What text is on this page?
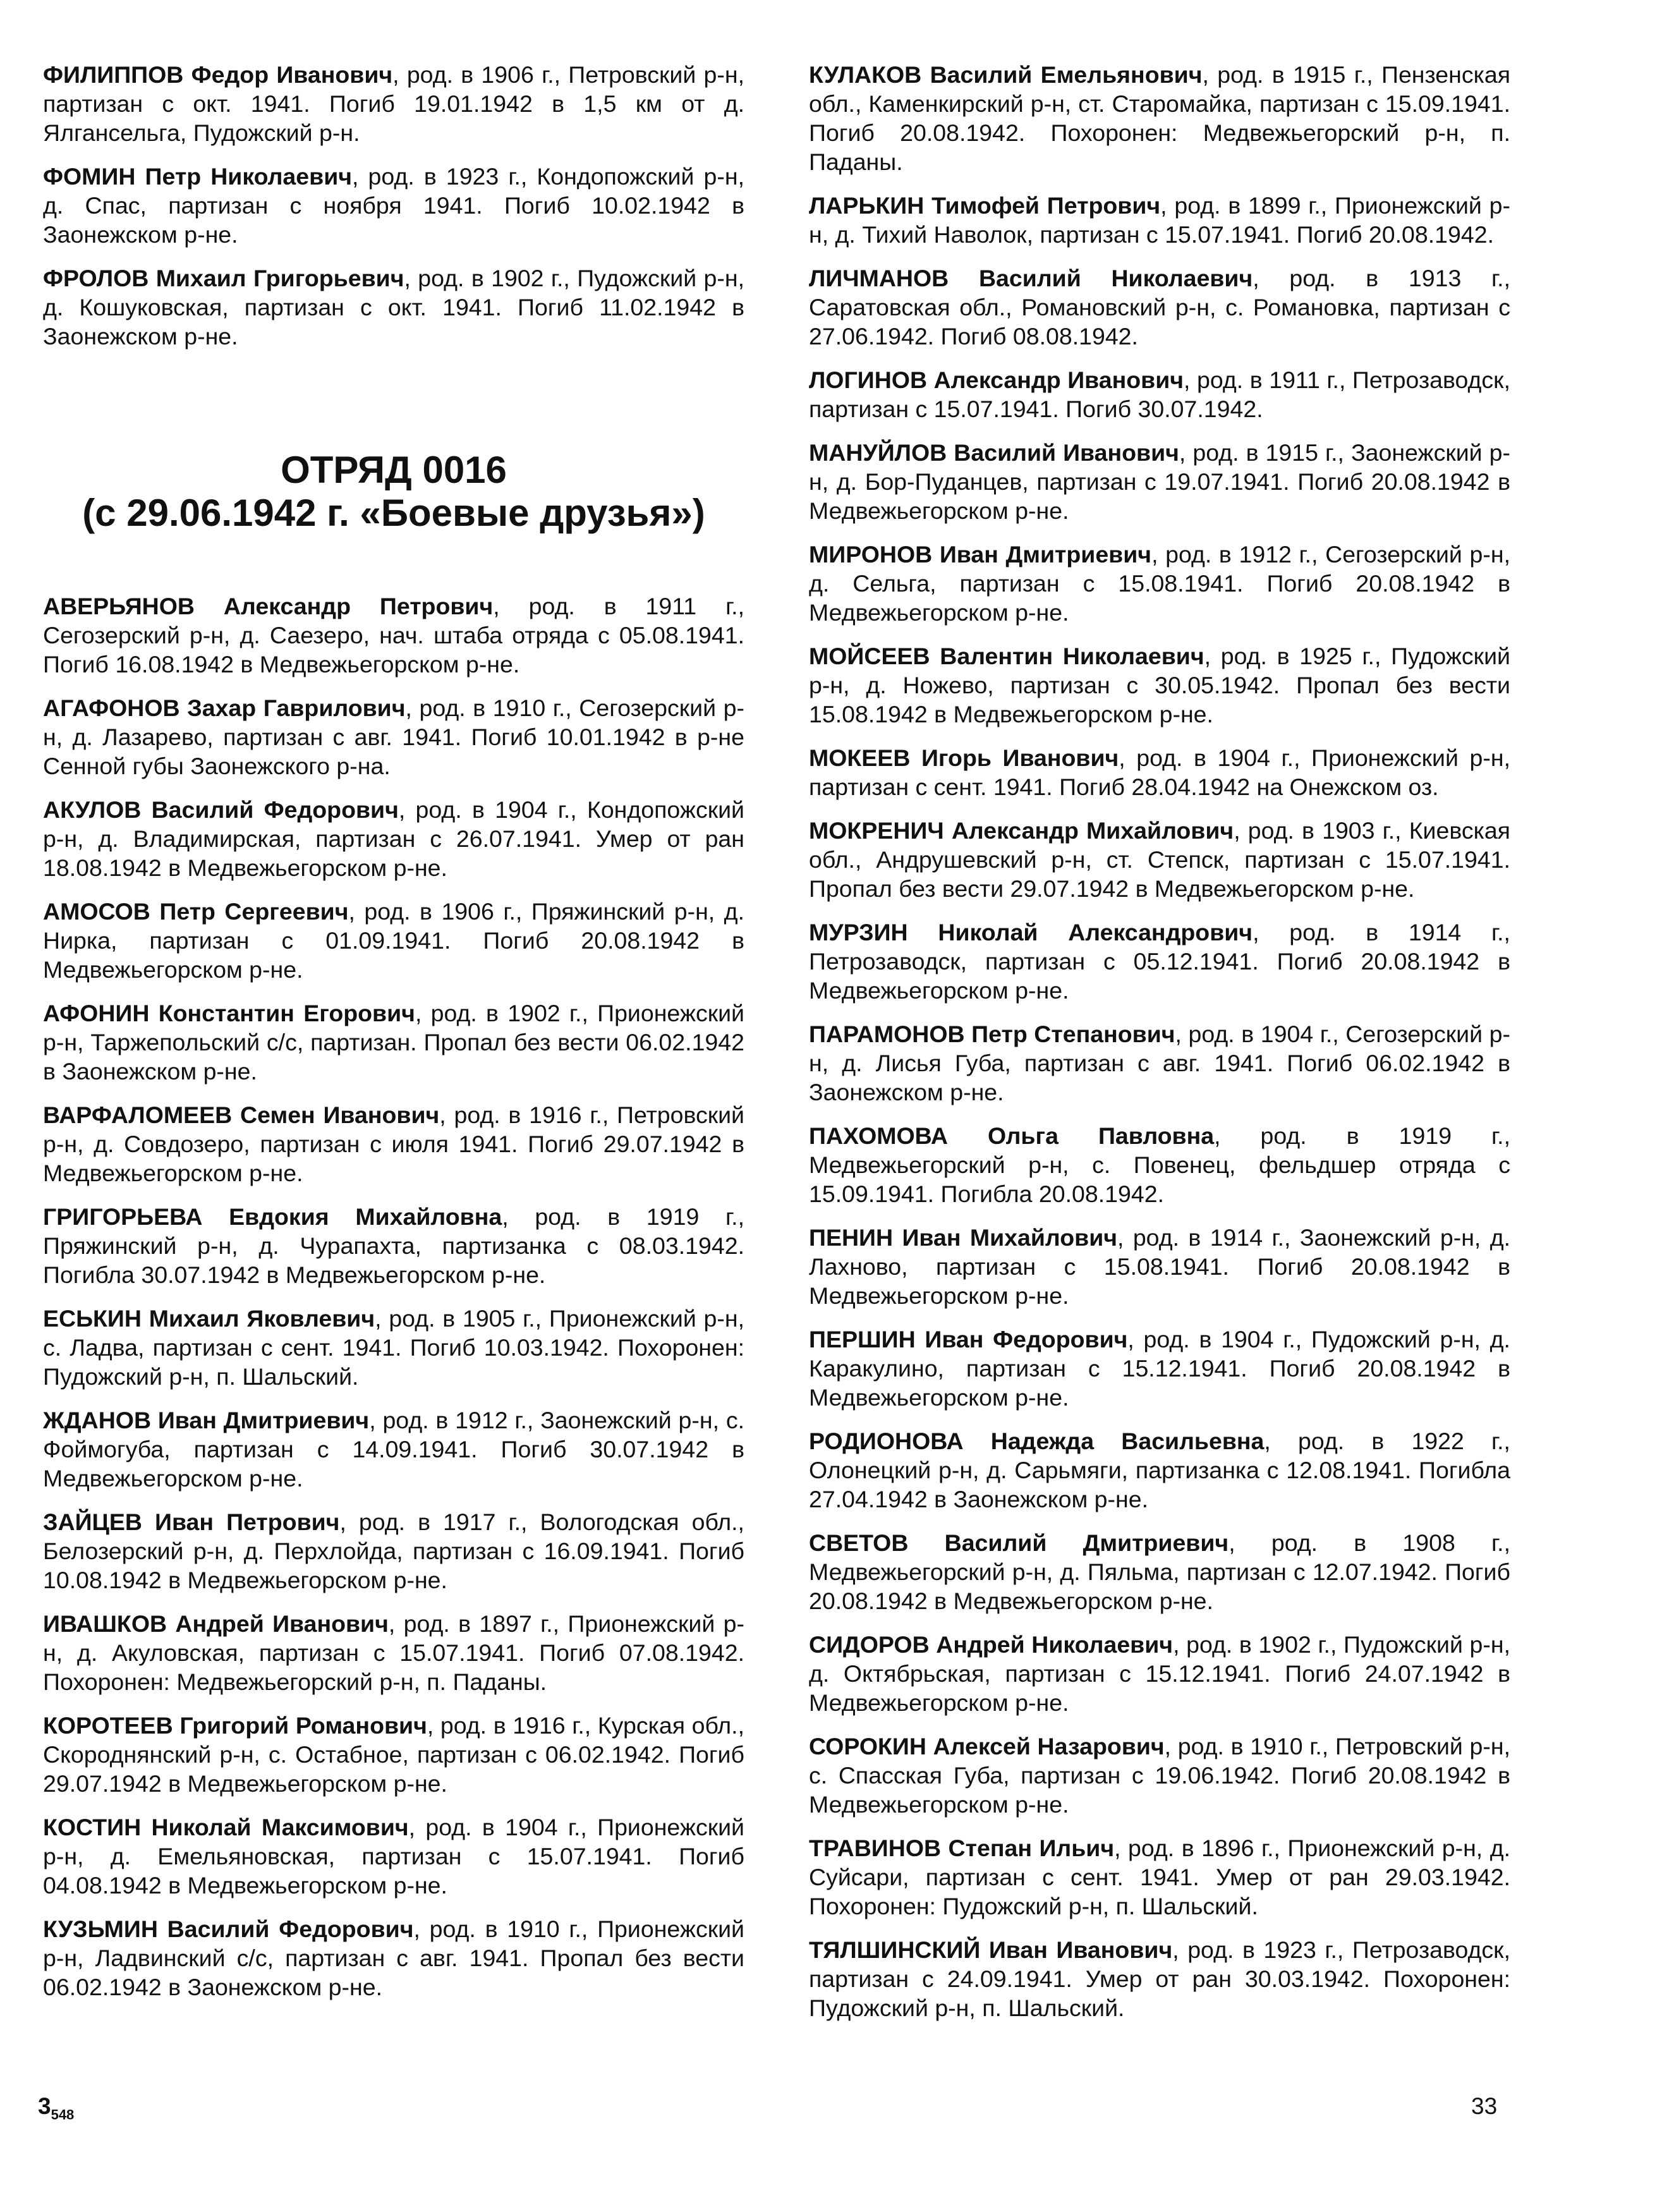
ФИЛИППОВ Федор Иванович, род. в 1906 г., Петровский р-н, партизан с окт. 1941. Погиб 19.01.1942 в 1,5 км от д. Ялгансельга, Пудожский р-н.

ФОМИН Петр Николаевич, род. в 1923 г., Кондопожский р-н, д. Спас, партизан с ноября 1941. Погиб 10.02.1942 в Заонежском р-не.

ФРОЛОВ Михаил Григорьевич, род. в 1902 г., Пудожский р-н, д. Кошуковская, партизан с окт. 1941. Погиб 11.02.1942 в Заонежском р-не.

ОТРЯД 0016

(с 29.06.1942 г. «Боевые друзья»)

АВЕРЬЯНОВ Александр Петрович, род. в 1911 г., Сегозерский р-н, д. Саезеро, нач. штаба отряда с 05.08.1941. Погиб 16.08.1942 в Медвежьегорском р-не.

АГАФОНОВ Захар Гаврилович, род. в 1910 г., Сегозерский р-н, д. Лазарево, партизан с авг. 1941. Погиб 10.01.1942 в р-не Сенной губы Заонежского р-на.

АКУЛОВ Василий Федорович, род. в 1904 г., Кондопожский р-н, д. Владимирская, партизан с 26.07.1941. Умер от ран 18.08.1942 в Медвежьегорском р-не.

АМОСОВ Петр Сергеевич, род. в 1906 г., Пряжинский р-н, д. Нирка, партизан с 01.09.1941. Погиб 20.08.1942 в Медвежьегорском р-не.

АФОНИН Константин Егорович, род. в 1902 г., Прионежский р-н, Таржепольский с/с, партизан. Пропал без вести 06.02.1942 в Заонежском р-не.

ВАРФАЛОМЕЕВ Семен Иванович, род. в 1916 г., Петровский р-н, д. Совдозеро, партизан с июля 1941. Погиб 29.07.1942 в Медвежьегорском р-не.

ГРИГОРЬЕВА Евдокия Михайловна, род. в 1919 г., Пряжинский р-н, д. Чурапахта, партизанка с 08.03.1942. Погибла 30.07.1942 в Медвежьегорском р-не.

ЕСЬКИН Михаил Яковлевич, род. в 1905 г., Прионежский р-н, с. Ладва, партизан с сент. 1941. Погиб 10.03.1942. Похоронен: Пудожский р-н, п. Шальский.

ЖДАНОВ Иван Дмитриевич, род. в 1912 г., Заонежский р-н, с. Фоймогуба, партизан с 14.09.1941. Погиб 30.07.1942 в Медвежьегорском р-не.

ЗАЙЦЕВ Иван Петрович, род. в 1917 г., Вологодская обл., Белозерский р-н, д. Перхлойда, партизан с 16.09.1941. Погиб 10.08.1942 в Медвежьегорском р-не.

ИВАШКОВ Андрей Иванович, род. в 1897 г., Прионежский р-н, д. Акуловская, партизан с 15.07.1941. Погиб 07.08.1942. Похоронен: Медвежьегорский р-н, п. Паданы.

КОРОТЕЕВ Григорий Романович, род. в 1916 г., Курская обл., Скороднянский р-н, с. Остабное, партизан с 06.02.1942. Погиб 29.07.1942 в Медвежьегорском р-не.

КОСТИН Николай Максимович, род. в 1904 г., Прионежский р-н, д. Емельяновская, партизан с 15.07.1941. Погиб 04.08.1942 в Медвежьегорском р-не.

КУЗЬМИН Василий Федорович, род. в 1910 г., Прионежский р-н, Ладвинский с/с, партизан с авг. 1941. Пропал без вести 06.02.1942 в Заонежском р-не.

КУЛАКОВ Василий Емельянович, род. в 1915 г., Пензенская обл., Каменкирский р-н, ст. Старомайка, партизан с 15.09.1941. Погиб 20.08.1942. Похоронен: Медвежьегорский р-н, п. Паданы.

ЛАРЬКИН Тимофей Петрович, род. в 1899 г., Прионежский р-н, д. Тихий Наволок, партизан с 15.07.1941. Погиб 20.08.1942.

ЛИЧМАНОВ Василий Николаевич, род. в 1913 г., Саратовская обл., Романовский р-н, с. Романовка, партизан с 27.06.1942. Погиб 08.08.1942.

ЛОГИНОВ Александр Иванович, род. в 1911 г., Петрозаводск, партизан с 15.07.1941. Погиб 30.07.1942.

МАНУЙЛОВ Василий Иванович, род. в 1915 г., Заонежский р-н, д. Бор-Пуданцев, партизан с 19.07.1941. Погиб 20.08.1942 в Медвежьегорском р-не.

МИРОНОВ Иван Дмитриевич, род. в 1912 г., Сегозерский р-н, д. Сельга, партизан с 15.08.1941. Погиб 20.08.1942 в Медвежьегорском р-не.

МОЙСЕЕВ Валентин Николаевич, род. в 1925 г., Пудожский р-н, д. Ножево, партизан с 30.05.1942. Пропал без вести 15.08.1942 в Медвежьегорском р-не.

МОКЕЕВ Игорь Иванович, род. в 1904 г., Прионежский р-н, партизан с сент. 1941. Погиб 28.04.1942 на Онежском оз.

МОКРЕНИЧ Александр Михайлович, род. в 1903 г., Киевская обл., Андрушевский р-н, ст. Степск, партизан с 15.07.1941. Пропал без вести 29.07.1942 в Медвежьегорском р-не.

МУРЗИН Николай Александрович, род. в 1914 г., Петрозаводск, партизан с 05.12.1941. Погиб 20.08.1942 в Медвежьегорском р-не.

ПАРАМОНОВ Петр Степанович, род. в 1904 г., Сегозерский р-н, д. Лисья Губа, партизан с авг. 1941. Погиб 06.02.1942 в Заонежском р-не.

ПАХОМОВА Ольга Павловна, род. в 1919 г., Медвежьегорский р-н, с. Повенец, фельдшер отряда с 15.09.1941. Погибла 20.08.1942.

ПЕНИН Иван Михайлович, род. в 1914 г., Заонежский р-н, д. Лахново, партизан с 15.08.1941. Погиб 20.08.1942 в Медвежьегорском р-не.

ПЕРШИН Иван Федорович, род. в 1904 г., Пудожский р-н, д. Каракулино, партизан с 15.12.1941. Погиб 20.08.1942 в Медвежьегорском р-не.

РОДИОНОВА Надежда Васильевна, род. в 1922 г., Олонецкий р-н, д. Сарьмяги, партизанка с 12.08.1941. Погибла 27.04.1942 в Заонежском р-не.

СВЕТОВ Василий Дмитриевич, род. в 1908 г., Медвежьегорский р-н, д. Пяльма, партизан с 12.07.1942. Погиб 20.08.1942 в Медвежьегорском р-не.

СИДОРОВ Андрей Николаевич, род. в 1902 г., Пудожский р-н, д. Октябрьская, партизан с 15.12.1941. Погиб 24.07.1942 в Медвежьегорском р-не.

СОРОКИН Алексей Назарович, род. в 1910 г., Петровский р-н, с. Спасская Губа, партизан с 19.06.1942. Погиб 20.08.1942 в Медвежьегорском р-не.

ТРАВИНОВ Степан Ильич, род. в 1896 г., Прионежский р-н, д. Суйсари, партизан с сент. 1941. Умер от ран 29.03.1942. Похоронен: Пудожский р-н, п. Шальский.

ТЯЛШИНСКИЙ Иван Иванович, род. в 1923 г., Петрозаводск, партизан с 24.09.1941. Умер от ран 30.03.1942. Похоронен: Пудожский р-н, п. Шальский.

$3_{548}$	33
